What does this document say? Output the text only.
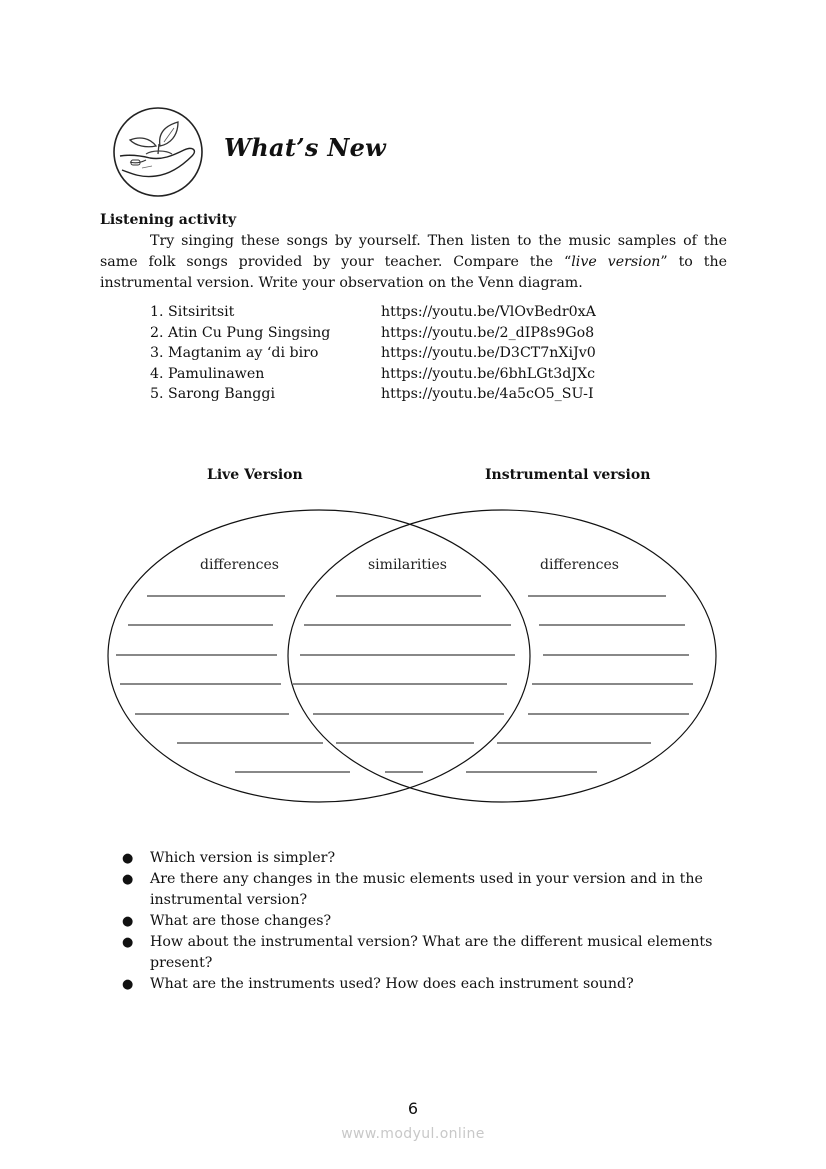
What’s New
Listening activity
Try singing these songs by yourself. Then listen to the music samples of the same folk songs provided by your teacher. Compare the “live version” to the instrumental version. Write your observation on the Venn diagram.
1. Sitsiritsit	https://youtu.be/VlOvBedr0xA
2. Atin Cu Pung Singsing	https://youtu.be/2_dIP8s9Go8
3. Magtanim ay ‘di biro	https://youtu.be/D3CT7nXiJv0
4. Pamulinawen	https://youtu.be/6bhLGt3dJXc
5. Sarong Banggi	https://youtu.be/4a5cO5_SU-I
Live Version	Instrumental version
differences	similarities	differences
●	Which version is simpler?
●	Are there any changes in the music elements used in your version and in the instrumental version?
●	What are those changes?
●	How about the instrumental version? What are the different musical elements present?
●	What are the instruments used? How does each instrument sound?
6
www.modyul.online
